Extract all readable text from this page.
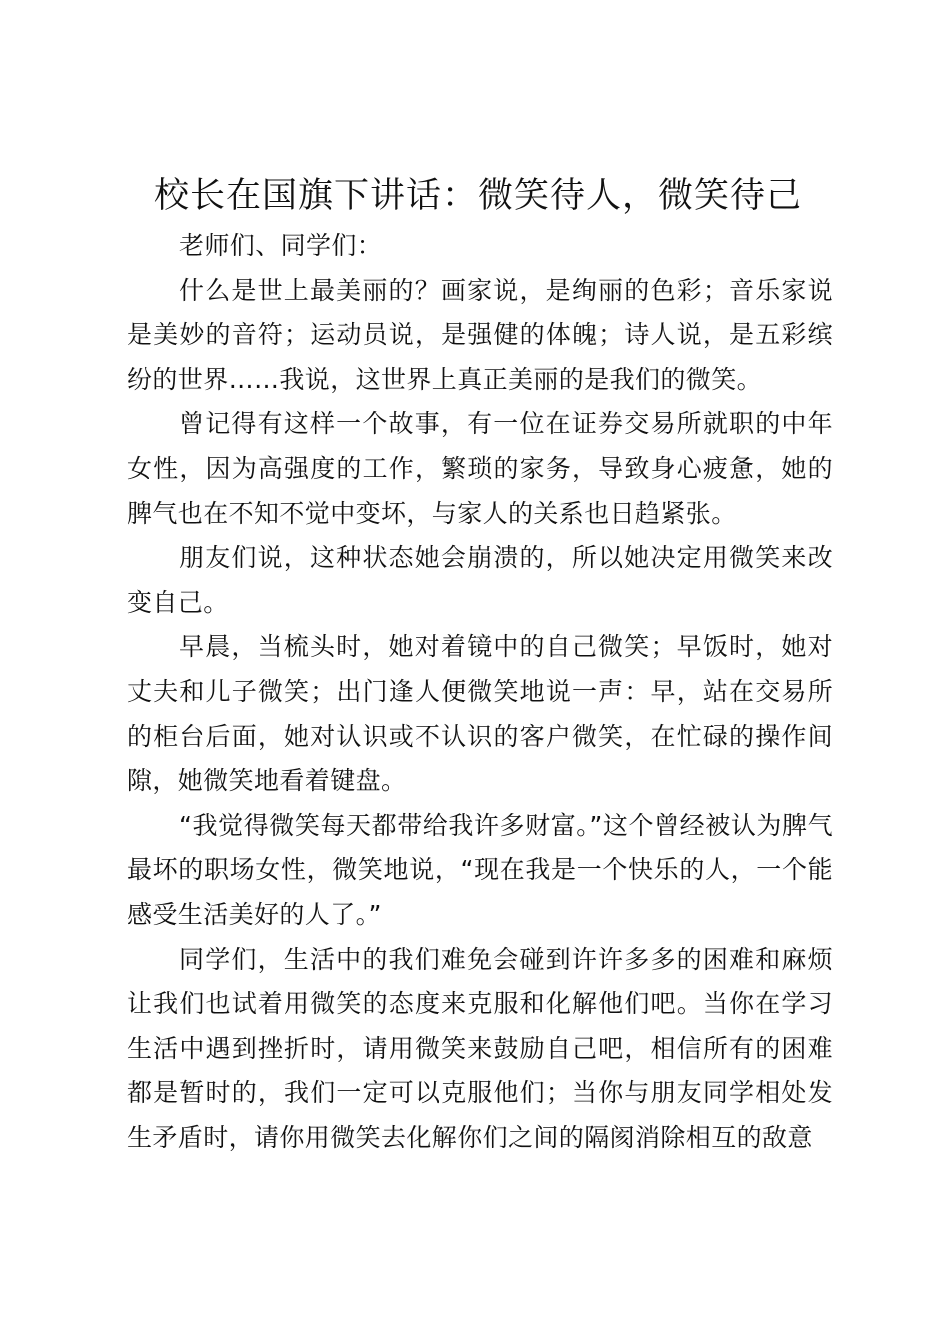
校长在国旗下讲话：微笑待人，微笑待己

老师们、同学们：

什么是世上最美丽的？画家说，是绚丽的色彩；音乐家说是美妙的音符；运动员说，是强健的体魄；诗人说，是五彩缤纷的世界……我说，这世界上真正美丽的是我们的微笑。

曾记得有这样一个故事，有一位在证券交易所就职的中年女性，因为高强度的工作，繁琐的家务，导致身心疲惫，她的脾气也在不知不觉中变坏，与家人的关系也日趋紧张。

朋友们说，这种状态她会崩溃的，所以她决定用微笑来改变自己。

早晨，当梳头时，她对着镜中的自己微笑；早饭时，她对丈夫和儿子微笑；出门逢人便微笑地说一声：早，站在交易所的柜台后面，她对认识或不认识的客户微笑，在忙碌的操作间隙，她微笑地看着键盘。

“我觉得微笑每天都带给我许多财富。”这个曾经被认为脾气最坏的职场女性，微笑地说，“现在我是一个快乐的人，一个能感受生活美好的人了。”

同学们，生活中的我们难免会碰到许许多多的困难和麻烦让我们也试着用微笑的态度来克服和化解他们吧。当你在学习生活中遇到挫折时，请用微笑来鼓励自己吧，相信所有的困难都是暂时的，我们一定可以克服他们；当你与朋友同学相处发生矛盾时，请你用微笑去化解你们之间的隔阂消除相互的敌意
